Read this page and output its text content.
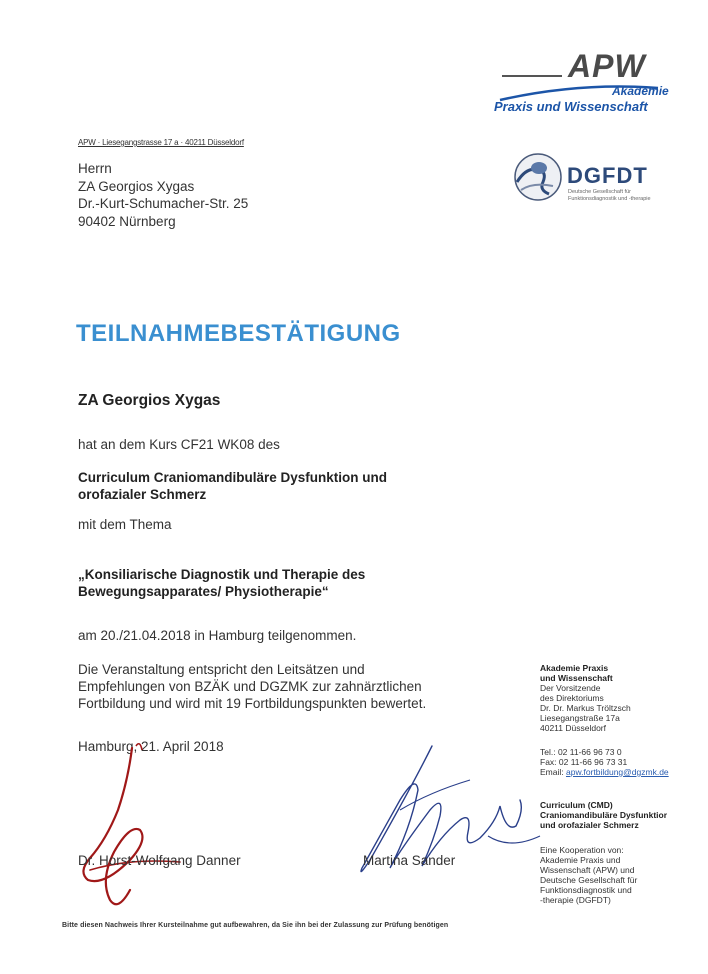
APW
Akademie
Praxis und Wissenschaft
DGFDT
Deutsche Gesellschaft für
Funktionsdiagnostik und -therapie
APW · Liesegangstrasse 17 a · 40211 Düsseldorf
Herrn
ZA Georgios Xygas
Dr.-Kurt-Schumacher-Str. 25
90402 Nürnberg
TEILNAHMEBESTÄTIGUNG
ZA Georgios Xygas
hat an dem Kurs CF21 WK08 des
Curriculum Craniomandibuläre Dysfunktion und
orofazialer Schmerz
mit dem Thema
„Konsiliarische Diagnostik und Therapie des
Bewegungsapparates/ Physiotherapie“
am 20./21.04.2018 in Hamburg teilgenommen.
Die Veranstaltung entspricht den Leitsätzen und
Empfehlungen von BZÄK und DGZMK zur zahnärztlichen
Fortbildung und wird mit 19 Fortbildungspunkten bewertet.
Hamburg, 21. April 2018
Dr. Horst-Wolfgang Danner	Martina Sander
Akademie Praxis
und Wissenschaft
Der Vorsitzende
des Direktoriums
Dr. Dr. Markus Tröltzsch
Liesegangstraße 17a
40211 Düsseldorf
Tel.: 02 11-66 96 73 0
Fax: 02 11-66 96 73 31
Email: apw.fortbildung@dgzmk.de
Curriculum (CMD)
Craniomandibuläre Dysfunktior
und orofazialer Schmerz
Eine Kooperation von:
Akademie Praxis und
Wissenschaft (APW) und
Deutsche Gesellschaft für
Funktionsdiagnostik und
-therapie (DGFDT)
Bitte diesen Nachweis Ihrer Kursteilnahme gut aufbewahren, da Sie ihn bei der Zulassung zur Prüfung benötigen
